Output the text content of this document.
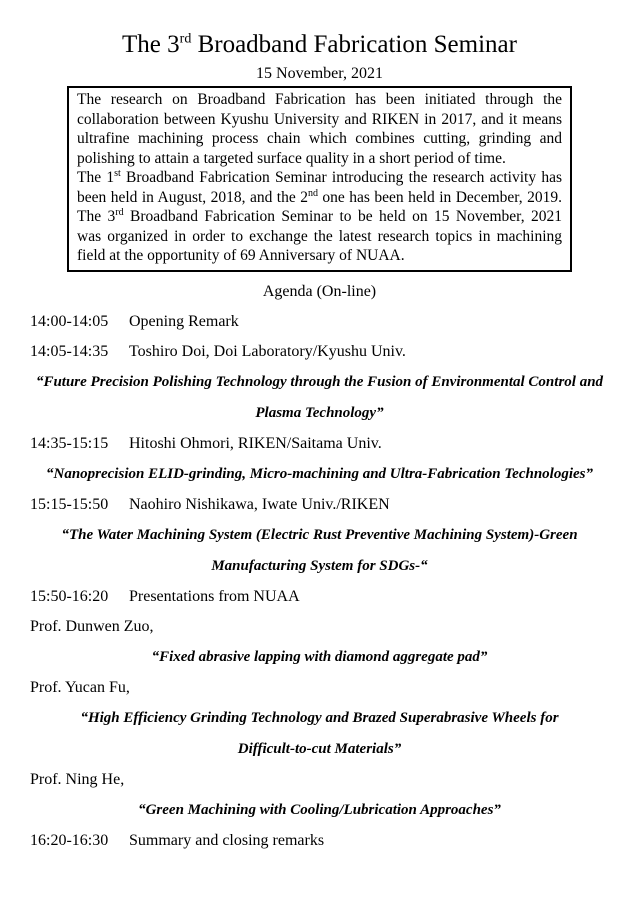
The 3rd Broadband Fabrication Seminar
15 November, 2021

The research on Broadband Fabrication has been initiated through the collaboration between Kyushu University and RIKEN in 2017, and it means ultrafine machining process chain which combines cutting, grinding and polishing to attain a targeted surface quality in a short period of time.

The 1st Broadband Fabrication Seminar introducing the research activity has been held in August, 2018, and the 2nd one has been held in December, 2019. The 3rd Broadband Fabrication Seminar to be held on 15 November, 2021 was organized in order to exchange the latest research topics in machining field at the opportunity of 69 Anniversary of NUAA.

Agenda (On-line)
14:00-14:05 Opening Remark
14:05-14:35 Toshiro Doi, Doi Laboratory/Kyushu Univ.
“Future Precision Polishing Technology through the Fusion of Environmental Control and
Plasma Technology”
14:35-15:15 Hitoshi Ohmori, RIKEN/Saitama Univ.
“Nanoprecision ELID-grinding, Micro-machining and Ultra-Fabrication Technologies”
15:15-15:50 Naohiro Nishikawa, Iwate Univ./RIKEN
“The Water Machining System (Electric Rust Preventive Machining System)-Green
Manufacturing System for SDGs-“
15:50-16:20 Presentations from NUAA
Prof. Dunwen Zuo,
“Fixed abrasive lapping with diamond aggregate pad”
Prof. Yucan Fu,
“High Efficiency Grinding Technology and Brazed Superabrasive Wheels for
Difficult-to-cut Materials”
Prof. Ning He,
“Green Machining with Cooling/Lubrication Approaches”
16:20-16:30 Summary and closing remarks
